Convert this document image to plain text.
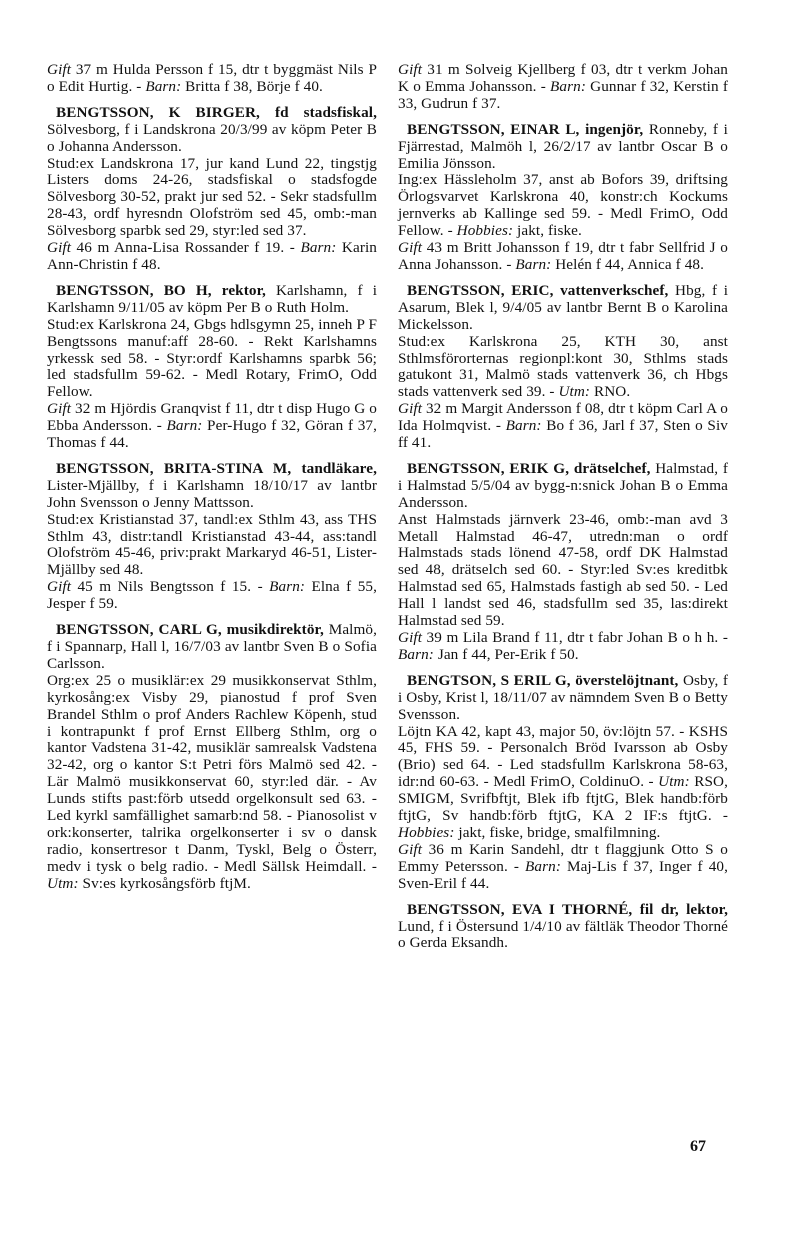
Gift 37 m Hulda Persson f 15, dtr t byggmäst Nils P o Edit Hurtig. - Barn: Britta f 38, Börje f 40.

BENGTSSON, K BIRGER, fd stadsfiskal, Sölvesborg, f i Landskrona 20/3/99 av köpm Peter B o Johanna Andersson.

Stud:ex Landskrona 17, jur kand Lund 22, tingstjg Listers doms 24-26, stadsfiskal o stadsfogde Sölvesborg 30-52, prakt jur sed 52. - Sekr stadsfullm 28-43, ordf hyresndn Olofström sed 45, omb:-man Sölvesborg sparbk sed 29, styr:led sed 37.

Gift 46 m Anna-Lisa Rossander f 19. - Barn: Karin Ann-Christin f 48.

BENGTSSON, BO H, rektor, Karlshamn, f i Karlshamn 9/11/05 av köpm Per B o Ruth Holm.

Stud:ex Karlskrona 24, Gbgs hdlsgymn 25, inneh P F Bengtssons manuf:aff 28-60. - Rekt Karlshamns yrkessk sed 58. - Styr:ordf Karlshamns sparbk 56; led stadsfullm 59-62. - Medl Rotary, FrimO, Odd Fellow.

Gift 32 m Hjördis Granqvist f 11, dtr t disp Hugo G o Ebba Andersson. - Barn: Per-Hugo f 32, Göran f 37, Thomas f 44.

BENGTSSON, BRITA-STINA M, tandläkare, Lister-Mjällby, f i Karlshamn 18/10/17 av lantbr John Svensson o Jenny Mattsson.

Stud:ex Kristianstad 37, tandl:ex Sthlm 43, ass THS Sthlm 43, distr:tandl Kristianstad 43-44, ass:tandl Olofström 45-46, priv:prakt Markaryd 46-51, Lister-Mjällby sed 48.

Gift 45 m Nils Bengtsson f 15. - Barn: Elna f 55, Jesper f 59.

BENGTSSON, CARL G, musikdirektör, Malmö, f i Spannarp, Hall l, 16/7/03 av lantbr Sven B o Sofia Carlsson.

Org:ex 25 o musiklär:ex 29 musikkonservat Sthlm, kyrkosång:ex Visby 29, pianostud f prof Sven Brandel Sthlm o prof Anders Rachlew Köpenh, stud i kontrapunkt f prof Ernst Ellberg Sthlm, org o kantor Vadstena 31-42, musiklär samrealsk Vadstena 32-42, org o kantor S:t Petri förs Malmö sed 42. - Lär Malmö musikkonservat 60, styr:led där. - Av Lunds stifts past:förb utsedd orgelkonsult sed 63. - Led kyrkl samfällighet samarb:nd 58. - Pianosolist v ork:konserter, talrika orgelkonserter i sv o dansk radio, konsertresor t Danm, Tyskl, Belg o Österr, medv i tysk o belg radio. - Medl Sällsk Heimdall. - Utm: Sv:es kyrkosångsförb ftjM.

Gift 31 m Solveig Kjellberg f 03, dtr t verkm Johan K o Emma Johansson. - Barn: Gunnar f 32, Kerstin f 33, Gudrun f 37.

BENGTSSON, EINAR L, ingenjör, Ronneby, f i Fjärrestad, Malmöh l, 26/2/17 av lantbr Oscar B o Emilia Jönsson.

Ing:ex Hässleholm 37, anst ab Bofors 39, driftsing Örlogsvarvet Karlskrona 40, konstr:ch Kockums jernverks ab Kallinge sed 59. - Medl FrimO, Odd Fellow. - Hobbies: jakt, fiske.

Gift 43 m Britt Johansson f 19, dtr t fabr Sellfrid J o Anna Johansson. - Barn: Helén f 44, Annica f 48.

BENGTSSON, ERIC, vattenverkschef, Hbg, f i Asarum, Blek l, 9/4/05 av lantbr Bernt B o Karolina Mickelsson.

Stud:ex Karlskrona 25, KTH 30, anst Sthlmsförorternas regionpl:kont 30, Sthlms stads gatukont 31, Malmö stads vattenverk 36, ch Hbgs stads vattenverk sed 39. - Utm: RNO.

Gift 32 m Margit Andersson f 08, dtr t köpm Carl A o Ida Holmqvist. - Barn: Bo f 36, Jarl f 37, Sten o Siv ff 41.

BENGTSSON, ERIK G, drätselchef, Halmstad, f i Halmstad 5/5/04 av bygg-n:snick Johan B o Emma Andersson.

Anst Halmstads järnverk 23-46, omb:-man avd 3 Metall Halmstad 46-47, utredn:man o ordf Halmstads stads lönend 47-58, ordf DK Halmstad sed 48, drätselch sed 60. - Styr:led Sv:es kreditbk Halmstad sed 65, Halmstads fastigh ab sed 50. - Led Hall l landst sed 46, stadsfullm sed 35, las:direkt Halmstad sed 59.

Gift 39 m Lila Brand f 11, dtr t fabr Johan B o h h. - Barn: Jan f 44, Per-Erik f 50.

BENGTSON, S ERIL G, överstelöjtnant, Osby, f i Osby, Krist l, 18/11/07 av nämndem Sven B o Betty Svensson.

Löjtn KA 42, kapt 43, major 50, öv:löjtn 57. - KSHS 45, FHS 59. - Personalch Bröd Ivarsson ab Osby (Brio) sed 64. - Led stadsfullm Karlskrona 58-63, idr:nd 60-63. - Medl FrimO, ColdinuO. - Utm: RSO, SMIGM, Svrifbftjt, Blek ifb ftjtG, Blek handb:förb ftjtG, Sv handb:förb ftjtG, KA 2 IF:s ftjtG. - Hobbies: jakt, fiske, bridge, smalfilmning.

Gift 36 m Karin Sandehl, dtr t flaggjunk Otto S o Emmy Petersson. - Barn: Maj-Lis f 37, Inger f 40, Sven-Eril f 44.

BENGTSSON, EVA I THORNÉ, fil dr, lektor, Lund, f i Östersund 1/4/10 av fältläk Theodor Thorné o Gerda Eksandh.

67
